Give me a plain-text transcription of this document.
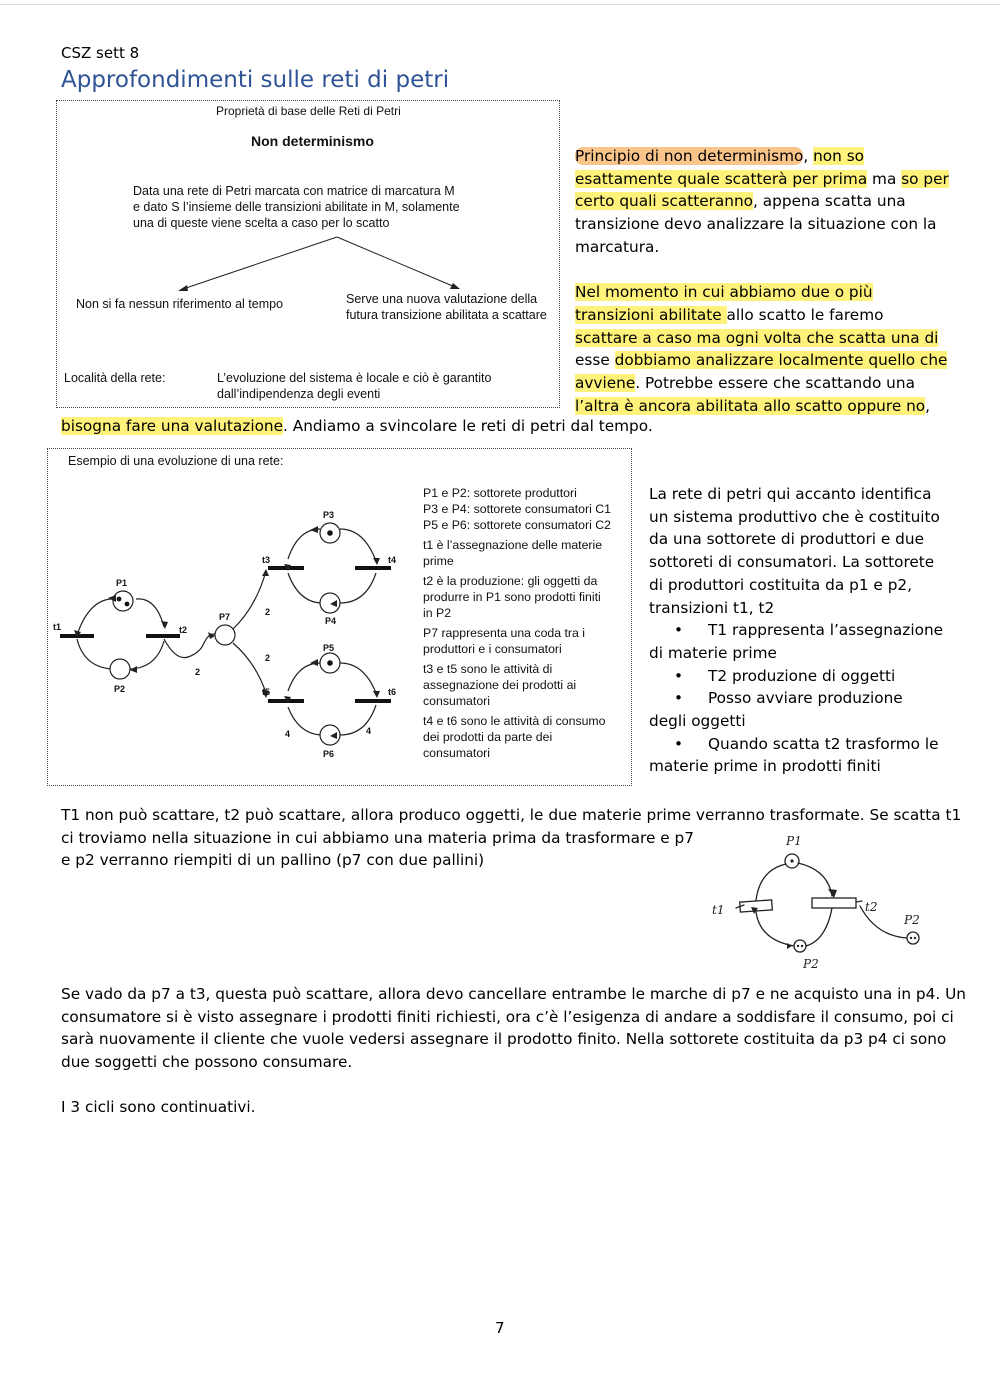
CSZ sett 8
Approfondimenti sulle reti di petri
Proprietà di base delle Reti di Petri
Non determinismo
Data una rete di Petri marcata con matrice di marcatura M
e dato S l’insieme delle transizioni abilitate in M, solamente
una di queste viene scelta a caso per lo scatto
Non si fa nessun riferimento al tempo	Serve una nuova valutazione della
futura transizione abilitata a scattare
Località della rete:	L’evoluzione del sistema è locale e ciò è garantito
dall’indipendenza degli eventi
Principio di non determinismo, non so
esattamente quale scatterà per prima ma so per
certo quali scatteranno, appena scatta una
transizione devo analizzare la situazione con la
marcatura.
Nel momento in cui abbiamo due o più
transizioni abilitate allo scatto le faremo
scattare a caso ma ogni volta che scatta una di
esse dobbiamo analizzare localmente quello che
avviene. Potrebbe essere che scattando una
l’altra è ancora abilitata allo scatto oppure no,
bisogna fare una valutazione. Andiamo a svincolare le reti di petri dal tempo.
Esempio di una evoluzione di una rete:
P1
P2
P7
P3
P4
P5
P6
t1	t2
t3	t4
t5	t6
2
2
2
4	4
P1 e P2: sottorete produttori
P3 e P4: sottorete consumatori C1
P5 e P6: sottorete consumatori C2
t1 è l’assegnazione delle materie
prime
t2 è la produzione: gli oggetti da
produrre in P1 sono prodotti finiti
in P2
P7 rappresenta una coda tra i
produttori e i consumatori
t3 e t5 sono le attività di
assegnazione dei prodotti ai
consumatori
t4 e t6 sono le attività di consumo
dei prodotti da parte dei
consumatori
La rete di petri qui accanto identifica
un sistema produttivo che è costituito
da una sottorete di produttori e due
sottoreti di consumatori. La sottorete
di produttori costituita da p1 e p2,
transizioni t1, t2
• T1 rappresenta l’assegnazione
di materie prime
• T2 produzione di oggetti
• Posso avviare produzione
degli oggetti
• Quando scatta t2 trasformo le
materie prime in prodotti finiti
T1 non può scattare, t2 può scattare, allora produco oggetti, le due materie prime verranno trasformate. Se scatta t1
ci troviamo nella situazione in cui abbiamo una materia prima da trasformare e p7
e p2 verranno riempiti di un pallino (p7 con due pallini)
P1
P2
P2
t1	t2
Se vado da p7 a t3, questa può scattare, allora devo cancellare entrambe le marche di p7 e ne acquisto una in p4. Un
consumatore si è visto assegnare i prodotti finiti richiesti, ora c’è l’esigenza di andare a soddisfare il consumo, poi ci
sarà nuovamente il cliente che vuole vedersi assegnare il prodotto finito. Nella sottorete costituita da p3 p4 ci sono
due soggetti che possono consumare.
I 3 cicli sono continuativi.
7
